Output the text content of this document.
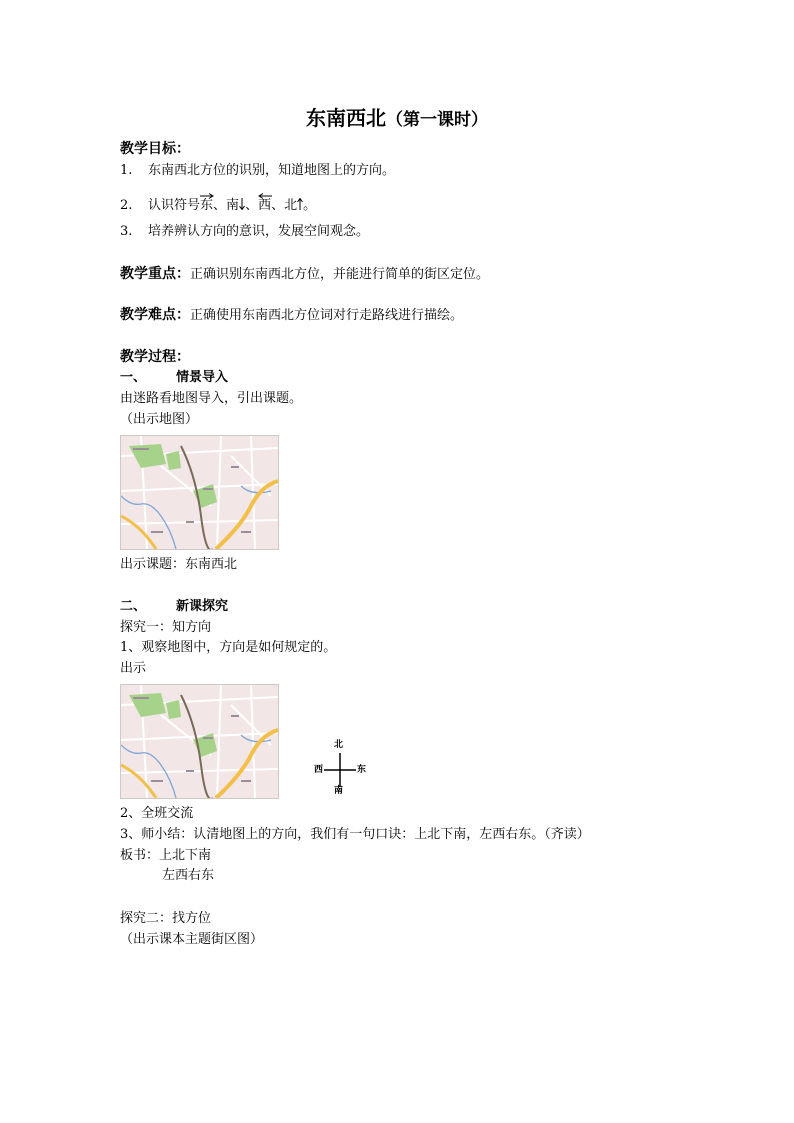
东南西北（第一课时）
教学目标：
1. 东南西北方位的识别，知道地图上的方向。
2. 认识符号
东、南 、
西、北 。
3. 培养辨认方向的意识，发展空间观念。
教学重点：正确识别东南西北方位，并能进行简单的街区定位。
教学难点：正确使用东南西北方位词对行走路线进行描绘。
教学过程：
一、 情景导入
由迷路看地图导入，引出课题。
（出示地图）
出示课题：东南西北
二、 新课探究
探究一：知方向
1、观察地图中，方向是如何规定的。
出示
北
南
西	东
2、全班交流
3、师小结：认清地图上的方向，我们有一句口诀：上北下南，左西右东。（齐读）
板书：上北下南
左西右东
探究二：找方位
（出示课本主题街区图）
